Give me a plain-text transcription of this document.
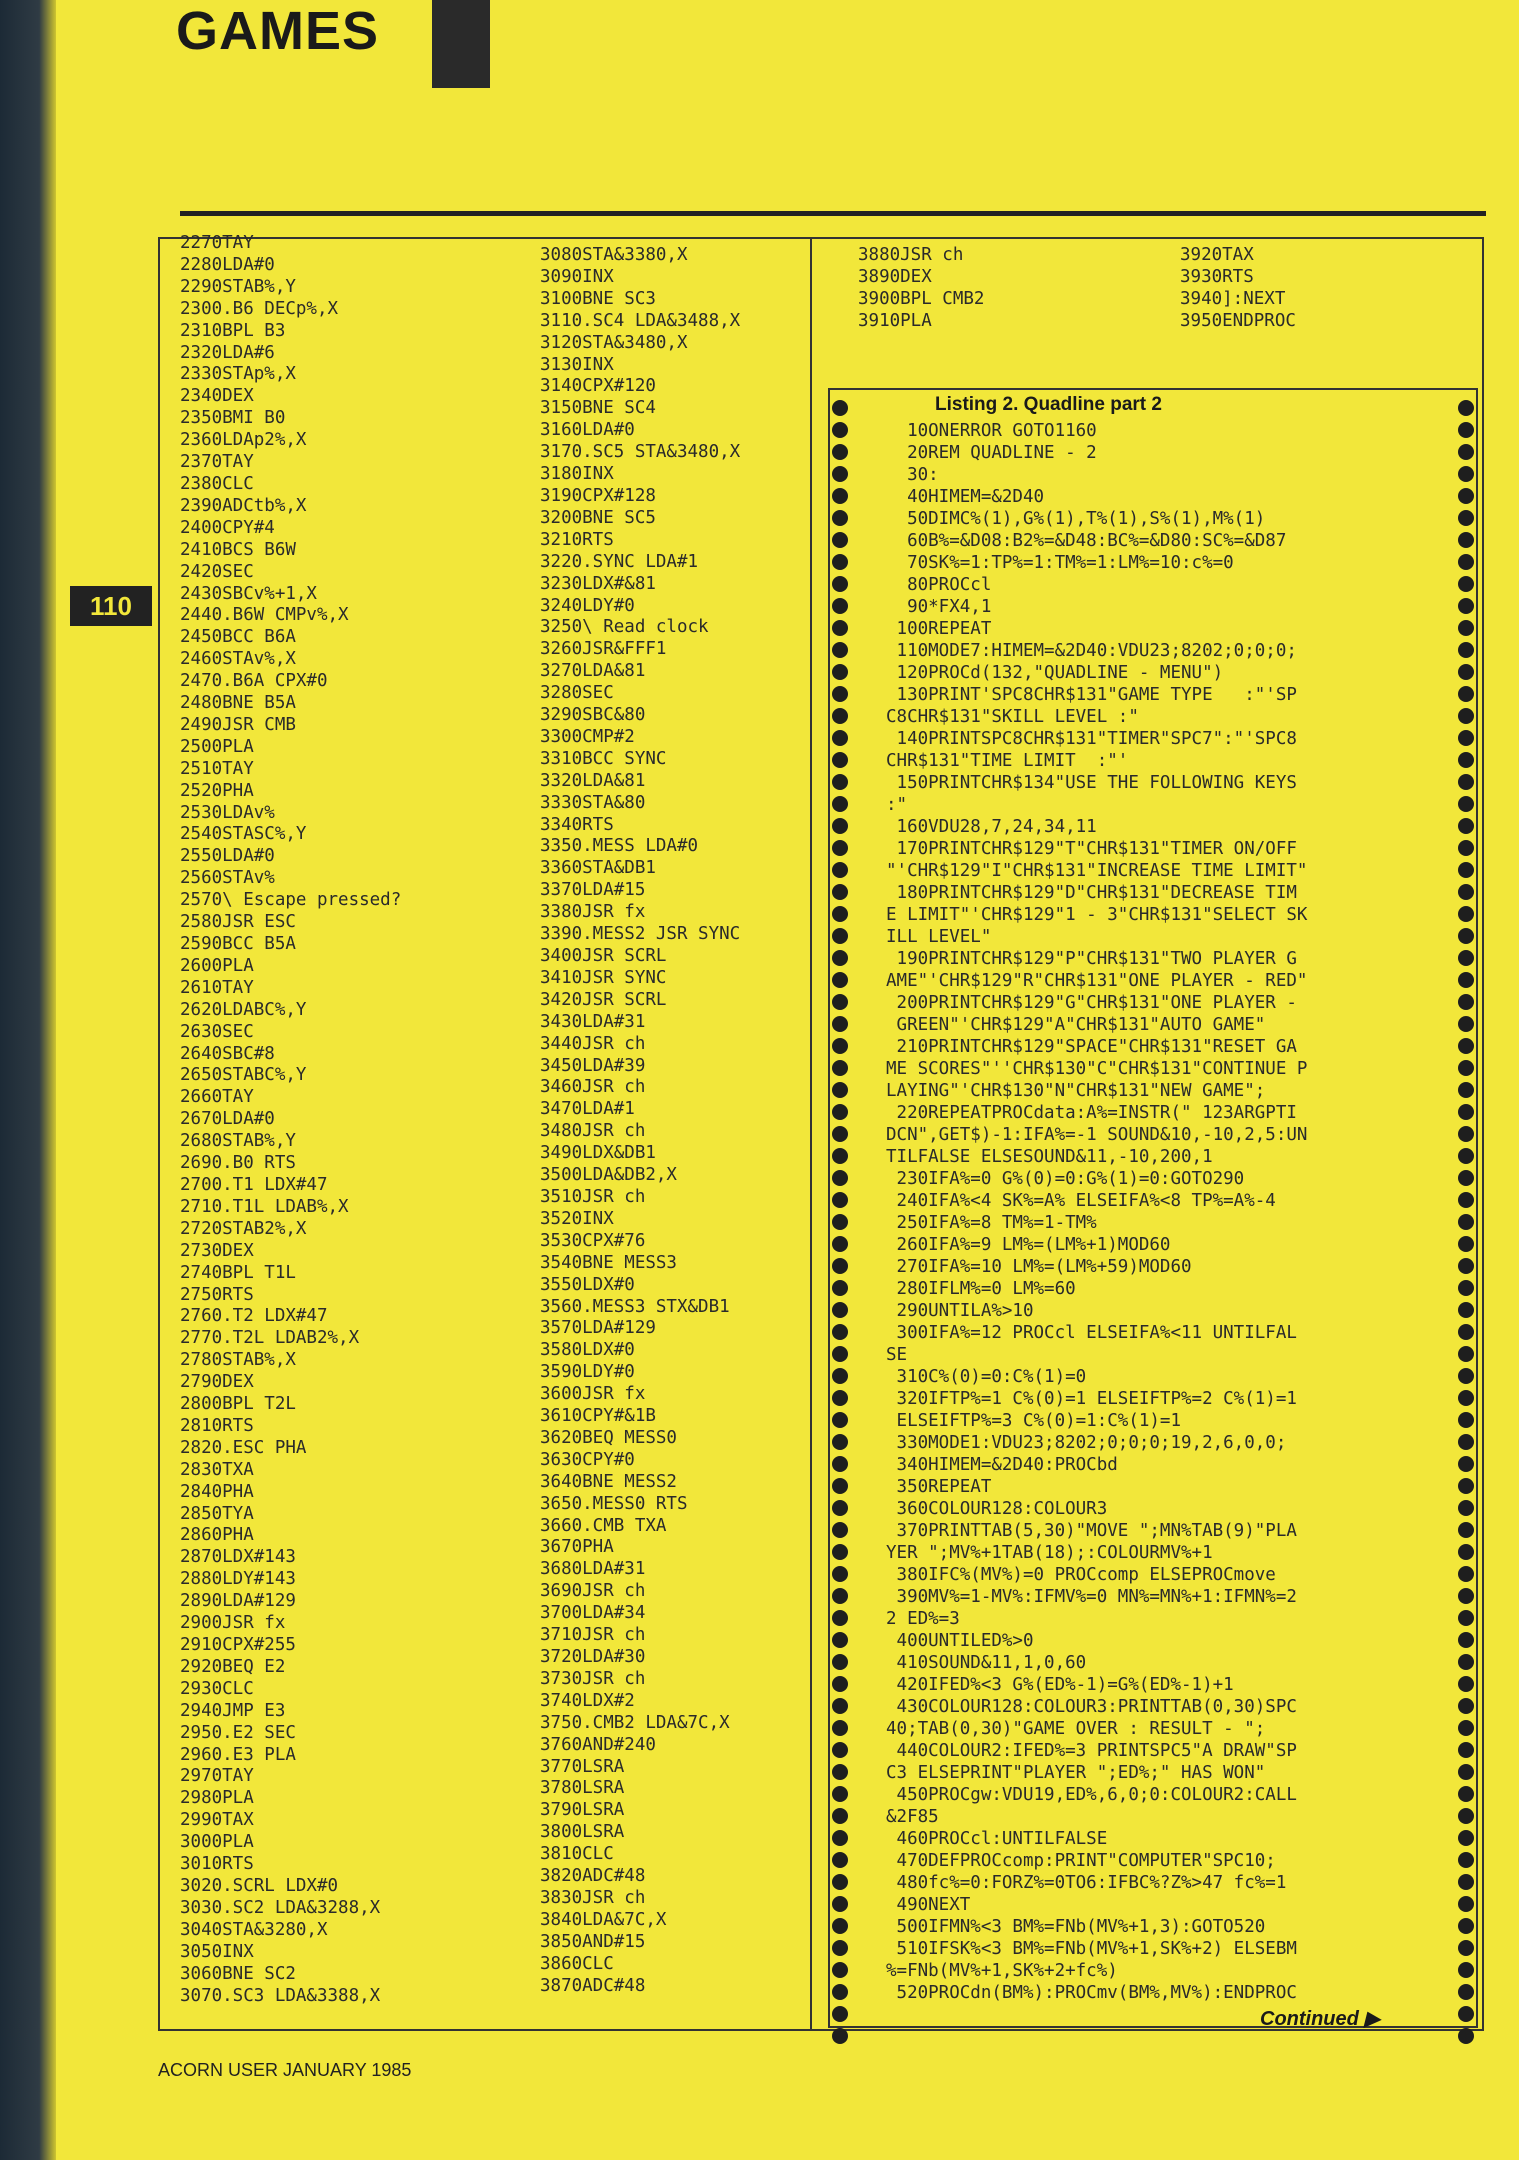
GAMES
110
2270TAY
2280LDA#0
2290STAB%,Y
2300.B6 DECp%,X
2310BPL B3
2320LDA#6
2330STAp%,X
2340DEX
2350BMI B0
2360LDAp2%,X
2370TAY
2380CLC
2390ADCtb%,X
2400CPY#4
2410BCS B6W
2420SEC
2430SBCv%+1,X
2440.B6W CMPv%,X
2450BCC B6A
2460STAv%,X
2470.B6A CPX#0
2480BNE B5A
2490JSR CMB
2500PLA
2510TAY
2520PHA
2530LDAv%
2540STASC%,Y
2550LDA#0
2560STAv%
2570\ Escape pressed?
2580JSR ESC
2590BCC B5A
2600PLA
2610TAY
2620LDABC%,Y
2630SEC
2640SBC#8
2650STABC%,Y
2660TAY
2670LDA#0
2680STAB%,Y
2690.B0 RTS
2700.T1 LDX#47
2710.T1L LDAB%,X
2720STAB2%,X
2730DEX
2740BPL T1L
2750RTS
2760.T2 LDX#47
2770.T2L LDAB2%,X
2780STAB%,X
2790DEX
2800BPL T2L
2810RTS
2820.ESC PHA
2830TXA
2840PHA
2850TYA
2860PHA
2870LDX#143
2880LDY#143
2890LDA#129
2900JSR fx
2910CPX#255
2920BEQ E2
2930CLC
2940JMP E3
2950.E2 SEC
2960.E3 PLA
2970TAY
2980PLA
2990TAX
3000PLA
3010RTS
3020.SCRL LDX#0
3030.SC2 LDA&3288,X
3040STA&3280,X
3050INX
3060BNE SC2
3070.SC3 LDA&3388,X
3080STA&3380,X
3090INX
3100BNE SC3
3110.SC4 LDA&3488,X
3120STA&3480,X
3130INX
3140CPX#120
3150BNE SC4
3160LDA#0
3170.SC5 STA&3480,X
3180INX
3190CPX#128
3200BNE SC5
3210RTS
3220.SYNC LDA#1
3230LDX#&81
3240LDY#0
3250\ Read clock
3260JSR&FFF1
3270LDA&81
3280SEC
3290SBC&80
3300CMP#2
3310BCC SYNC
3320LDA&81
3330STA&80
3340RTS
3350.MESS LDA#0
3360STA&DB1
3370LDA#15
3380JSR fx
3390.MESS2 JSR SYNC
3400JSR SCRL
3410JSR SYNC
3420JSR SCRL
3430LDA#31
3440JSR ch
3450LDA#39
3460JSR ch
3470LDA#1
3480JSR ch
3490LDX&DB1
3500LDA&DB2,X
3510JSR ch
3520INX
3530CPX#76
3540BNE MESS3
3550LDX#0
3560.MESS3 STX&DB1
3570LDA#129
3580LDX#0
3590LDY#0
3600JSR fx
3610CPY#&1B
3620BEQ MESS0
3630CPY#0
3640BNE MESS2
3650.MESS0 RTS
3660.CMB TXA
3670PHA
3680LDA#31
3690JSR ch
3700LDA#34
3710JSR ch
3720LDA#30
3730JSR ch
3740LDX#2
3750.CMB2 LDA&7C,X
3760AND#240
3770LSRA
3780LSRA
3790LSRA
3800LSRA
3810CLC
3820ADC#48
3830JSR ch
3840LDA&7C,X
3850AND#15
3860CLC
3870ADC#48
3880JSR ch
3890DEX
3900BPL CMB2
3910PLA
3920TAX
3930RTS
3940]:NEXT
3950ENDPROC
Listing 2. Quadline part 2
10ONERROR GOTO1160
20REM QUADLINE - 2
30:
40HIMEM=&2D40
50DIMC%(1),G%(1),T%(1),S%(1),M%(1)
60B%=&D08:B2%=&D48:BC%=&D80:SC%=&D87
70SK%=1:TP%=1:TM%=1:LM%=10:c%=0
80PROCcl
90*FX4,1
100REPEAT
110MODE7:HIMEM=&2D40:VDU23;8202;0;0;0;
120PROCd(132,"QUADLINE - MENU")
130PRINT'SPC8CHR$131"GAME TYPE   :"'SP
C8CHR$131"SKILL LEVEL :"
140PRINTSPC8CHR$131"TIMER"SPC7":"'SPC8
CHR$131"TIME LIMIT  :"'
150PRINTCHR$134"USE THE FOLLOWING KEYS
:"
160VDU28,7,24,34,11
170PRINTCHR$129"T"CHR$131"TIMER ON/OFF
"'CHR$129"I"CHR$131"INCREASE TIME LIMIT"
180PRINTCHR$129"D"CHR$131"DECREASE TIM
E LIMIT"'CHR$129"1 - 3"CHR$131"SELECT SK
ILL LEVEL"
190PRINTCHR$129"P"CHR$131"TWO PLAYER G
AME"'CHR$129"R"CHR$131"ONE PLAYER - RED"
200PRINTCHR$129"G"CHR$131"ONE PLAYER -
GREEN"'CHR$129"A"CHR$131"AUTO GAME"
210PRINTCHR$129"SPACE"CHR$131"RESET GA
ME SCORES"''CHR$130"C"CHR$131"CONTINUE P
LAYING"'CHR$130"N"CHR$131"NEW GAME";
220REPEATPROCdata:A%=INSTR(" 123ARGPTI
DCN",GET$)-1:IFA%=-1 SOUND&10,-10,2,5:UN
TILFALSE ELSESOUND&11,-10,200,1
230IFA%=0 G%(0)=0:G%(1)=0:GOTO290
240IFA%<4 SK%=A% ELSEIFA%<8 TP%=A%-4
250IFA%=8 TM%=1-TM%
260IFA%=9 LM%=(LM%+1)MOD60
270IFA%=10 LM%=(LM%+59)MOD60
280IFLM%=0 LM%=60
290UNTILA%>10
300IFA%=12 PROCcl ELSEIFA%<11 UNTILFAL
SE
310C%(0)=0:C%(1)=0
320IFTP%=1 C%(0)=1 ELSEIFTP%=2 C%(1)=1
ELSEIFTP%=3 C%(0)=1:C%(1)=1
330MODE1:VDU23;8202;0;0;0;19,2,6,0,0;
340HIMEM=&2D40:PROCbd
350REPEAT
360COLOUR128:COLOUR3
370PRINTTAB(5,30)"MOVE ";MN%TAB(9)"PLA
YER ";MV%+1TAB(18);:COLOURMV%+1
380IFC%(MV%)=0 PROCcomp ELSEPROCmove
390MV%=1-MV%:IFMV%=0 MN%=MN%+1:IFMN%=2
2 ED%=3
400UNTILED%>0
410SOUND&11,1,0,60
420IFED%<3 G%(ED%-1)=G%(ED%-1)+1
430COLOUR128:COLOUR3:PRINTTAB(0,30)SPC
40;TAB(0,30)"GAME OVER : RESULT - ";
440COLOUR2:IFED%=3 PRINTSPC5"A DRAW"SP
C3 ELSEPRINT"PLAYER ";ED%;" HAS WON"
450PROCgw:VDU19,ED%,6,0;0:COLOUR2:CALL
&2F85
460PROCcl:UNTILFALSE
470DEFPROCcomp:PRINT"COMPUTER"SPC10;
480fc%=0:FORZ%=0TO6:IFBC%?Z%>47 fc%=1
490NEXT
500IFMN%<3 BM%=FNb(MV%+1,3):GOTO520
510IFSK%<3 BM%=FNb(MV%+1,SK%+2) ELSEBM
%=FNb(MV%+1,SK%+2+fc%)
520PROCdn(BM%):PROCmv(BM%,MV%):ENDPROC
Continued ▶
ACORN USER JANUARY 1985
